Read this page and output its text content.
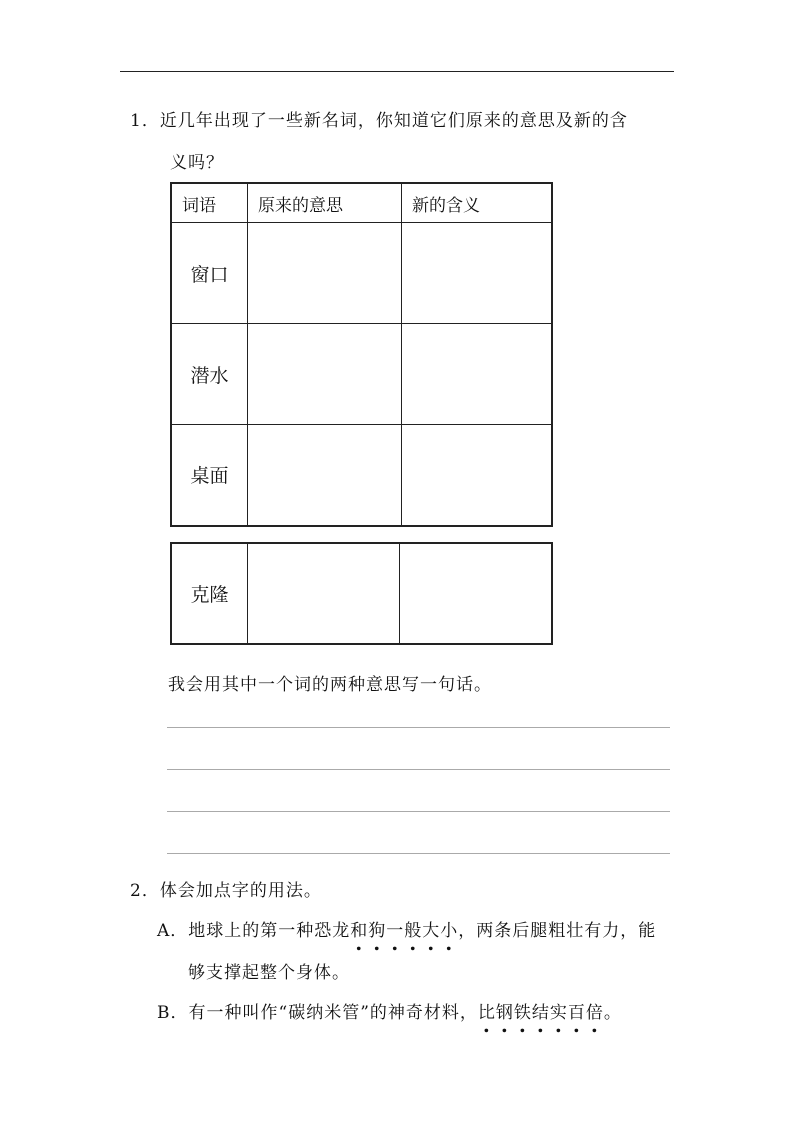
1．近几年出现了一些新名词，你知道它们原来的意思及新的含
义吗？
词语	原来的意思	新的含义
窗口		
潜水		
桌面		
克隆		
我会用其中一个词的两种意思写一句话。
2．体会加点字的用法。
A．地球上的第一种恐龙和狗一般大小，两条后腿粗壮有力，能
够支撑起整个身体。
B．有一种叫作“碳纳米管”的神奇材料，比钢铁结实百倍。
